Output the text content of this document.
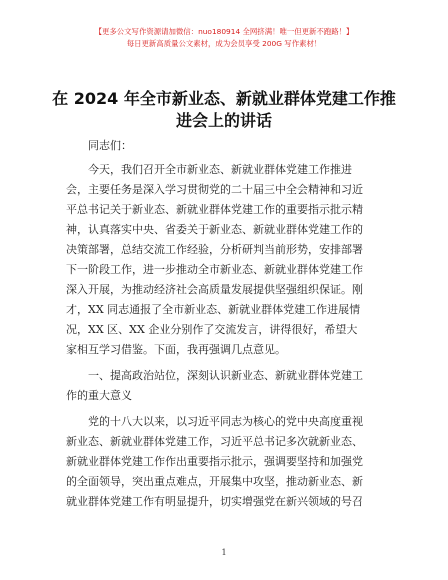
【更多公文写作资源请加微信：nuo180914 全网挤满！唯一但更新不跑路！】
每日更新高质量公文素材，成为会员享受 200G 写作素材！
在 2024 年全市新业态、新就业群体党建工作推
进会上的讲话
同志们：
今天，我们召开全市新业态、新就业群体党建工作推进
会，主要任务是深入学习贯彻党的二十届三中全会精神和习近
平总书记关于新业态、新就业群体党建工作的重要指示批示精
神，认真落实中央、省委关于新业态、新就业群体党建工作的
决策部署，总结交流工作经验，分析研判当前形势，安排部署
下一阶段工作，进一步推动全市新业态、新就业群体党建工作
深入开展，为推动经济社会高质量发展提供坚强组织保证。刚
才，XX 同志通报了全市新业态、新就业群体党建工作进展情
况，XX 区、XX 企业分别作了交流发言，讲得很好，希望大
家相互学习借鉴。下面，我再强调几点意见。
一、提高政治站位，深刻认识新业态、新就业群体党建工
作的重大意义
党的十八大以来，以习近平同志为核心的党中央高度重视
新业态、新就业群体党建工作，习近平总书记多次就新业态、
新就业群体党建工作作出重要指示批示，强调要坚持和加强党
的全面领导，突出重点难点，开展集中攻坚，推动新业态、新
就业群体党建工作有明显提升，切实增强党在新兴领域的号召
1
